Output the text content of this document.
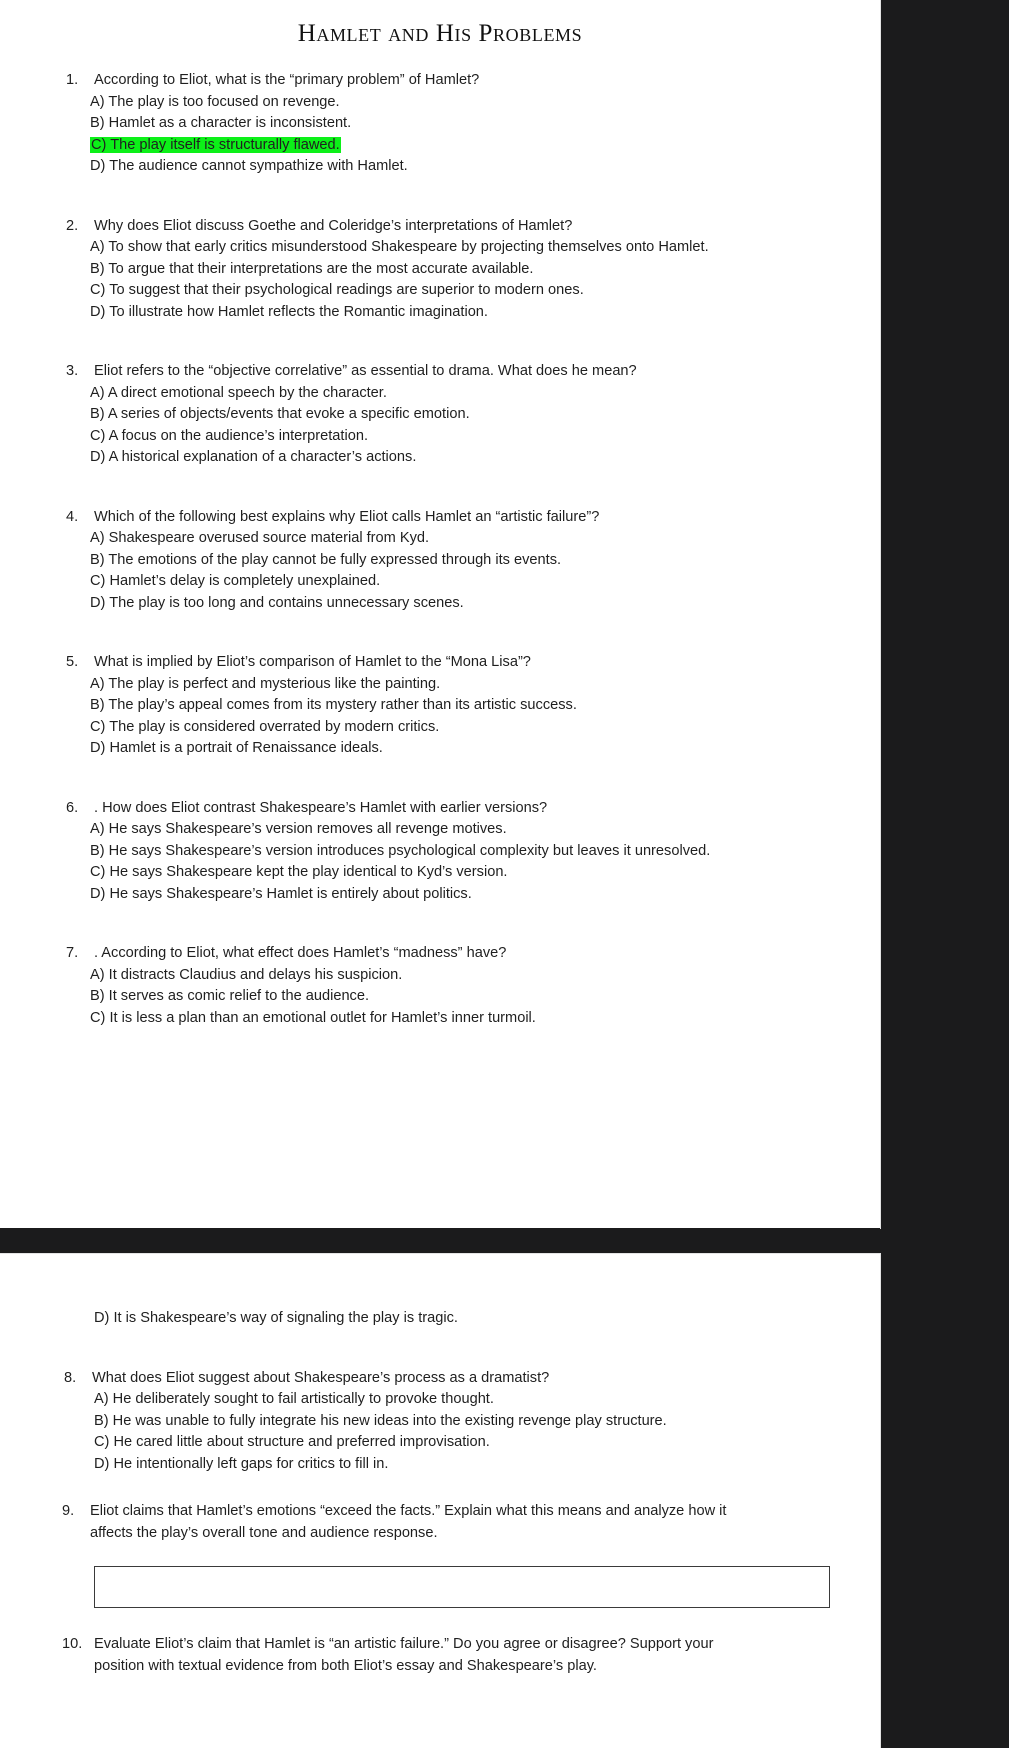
Hamlet and His Problems
1.	According to Eliot, what is the “primary problem” of Hamlet?
A) The play is too focused on revenge.
B) Hamlet as a character is inconsistent.
C) The play itself is structurally flawed.
D) The audience cannot sympathize with Hamlet.
2.	Why does Eliot discuss Goethe and Coleridge’s interpretations of Hamlet?
A) To show that early critics misunderstood Shakespeare by projecting themselves onto Hamlet.
B) To argue that their interpretations are the most accurate available.
C) To suggest that their psychological readings are superior to modern ones.
D) To illustrate how Hamlet reflects the Romantic imagination.
3.	Eliot refers to the “objective correlative” as essential to drama. What does he mean?
A) A direct emotional speech by the character.
B) A series of objects/events that evoke a specific emotion.
C) A focus on the audience’s interpretation.
D) A historical explanation of a character’s actions.
4.	Which of the following best explains why Eliot calls Hamlet an “artistic failure”?
A) Shakespeare overused source material from Kyd.
B) The emotions of the play cannot be fully expressed through its events.
C) Hamlet’s delay is completely unexplained.
D) The play is too long and contains unnecessary scenes.
5.	What is implied by Eliot’s comparison of Hamlet to the “Mona Lisa”?
A) The play is perfect and mysterious like the painting.
B) The play’s appeal comes from its mystery rather than its artistic success.
C) The play is considered overrated by modern critics.
D) Hamlet is a portrait of Renaissance ideals.
6.	. How does Eliot contrast Shakespeare’s Hamlet with earlier versions?
A) He says Shakespeare’s version removes all revenge motives.
B) He says Shakespeare’s version introduces psychological complexity but leaves it unresolved.
C) He says Shakespeare kept the play identical to Kyd’s version.
D) He says Shakespeare’s Hamlet is entirely about politics.
7.	. According to Eliot, what effect does Hamlet’s “madness” have?
A) It distracts Claudius and delays his suspicion.
B) It serves as comic relief to the audience.
C) It is less a plan than an emotional outlet for Hamlet’s inner turmoil.
D) It is Shakespeare’s way of signaling the play is tragic.
8.	What does Eliot suggest about Shakespeare’s process as a dramatist?
A) He deliberately sought to fail artistically to provoke thought.
B) He was unable to fully integrate his new ideas into the existing revenge play structure.
C) He cared little about structure and preferred improvisation.
D) He intentionally left gaps for critics to fill in.
9.	Eliot claims that Hamlet’s emotions “exceed the facts.” Explain what this means and analyze how it
affects the play’s overall tone and audience response.
10. Evaluate Eliot’s claim that Hamlet is “an artistic failure.” Do you agree or disagree? Support your
position with textual evidence from both Eliot’s essay and Shakespeare’s play.
